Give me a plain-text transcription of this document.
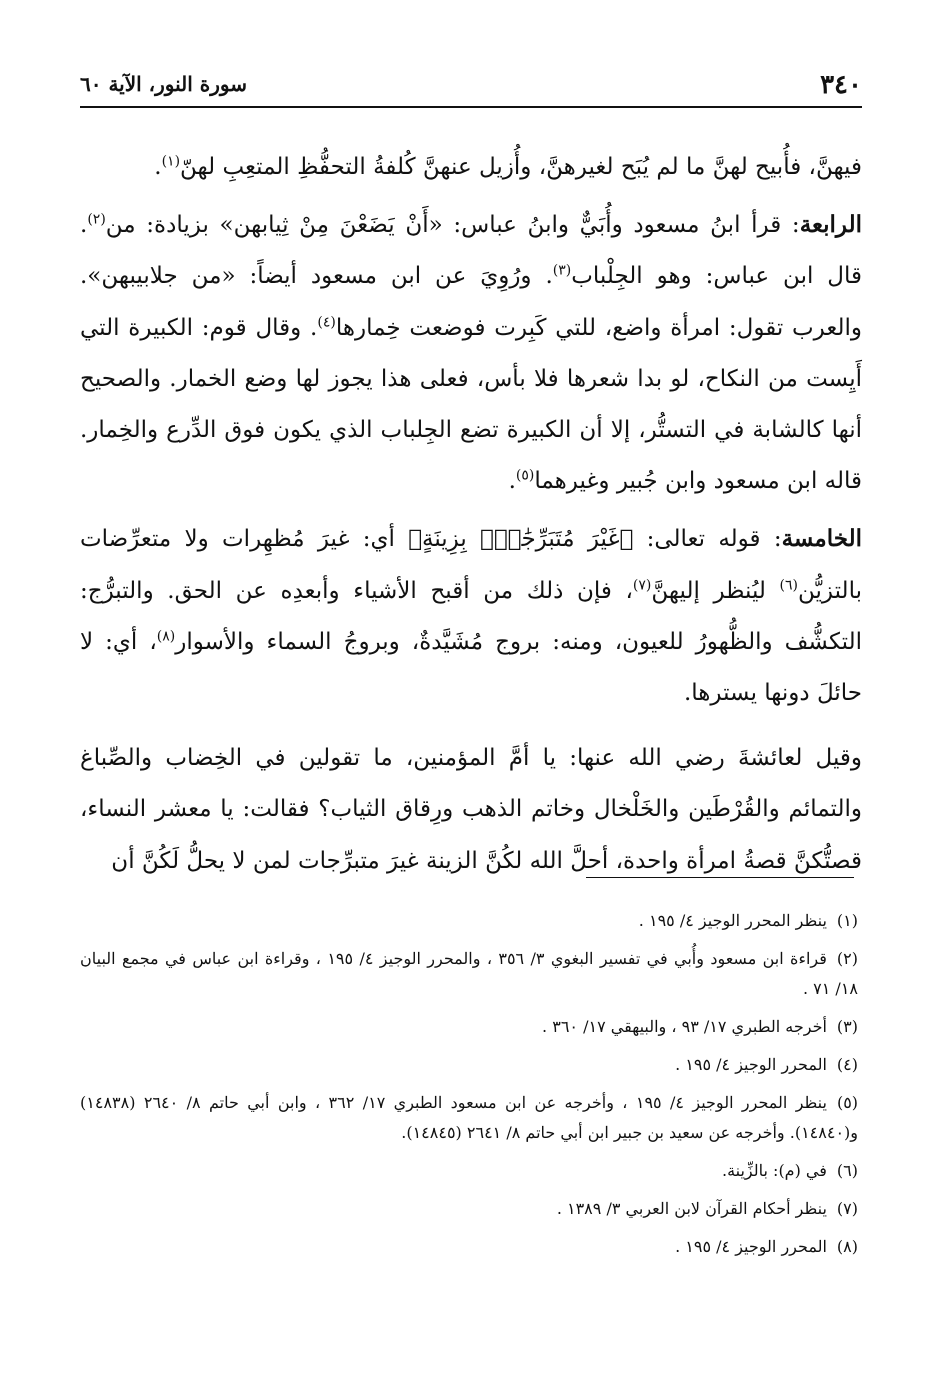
٣٤٠
سورة النور، الآية ٦٠

فيهنَّ، فأُبيح لهنَّ ما لم يُبَح لغيرهنَّ، وأُزيل عنهنَّ كُلفةُ التحفُّظِ المتعِبِ لهنّ$^{(١)}$.

الرابعة: قرأ ابنُ مسعود وأُبَيٌّ وابنُ عباس: «أَنْ يَضَعْنَ مِنْ ثِيابهن» بزيادة: من$^{(٢)}$. قال ابن عباس: وهو الجِلْباب$^{(٣)}$. ورُوِيَ عن ابن مسعود أيضاً: «من جلابيبهن». والعرب تقول: امرأة واضع، للتي كَبِرت فوضعت خِمارها$^{(٤)}$. وقال قوم: الكبيرة التي أَيِست من النكاح، لو بدا شعرها فلا بأس، فعلى هذا يجوز لها وضع الخمار. والصحيح أنها كالشابة في التستُّر، إلا أن الكبيرة تضع الجِلباب الذي يكون فوق الدِّرع والخِمار. قاله ابن مسعود وابن جُبير وغيرهما$^{(٥)}$.

الخامسة: قوله تعالى: ﴿غَيْرَ مُتَبَرِّجَٰتِۭ بِزِينَةٍ﴾ أي: غيرَ مُظهِرات ولا متعرِّضات بالتزيُّن$^{(٦)}$ ليُنظر إليهنَّ$^{(٧)}$، فإن ذلك من أقبح الأشياء وأبعدِه عن الحق. والتبرُّج: التكشُّف والظُّهورُ للعيون، ومنه: بروج مُشَيَّدةٌ، وبروجُ السماء والأسوار$^{(٨)}$، أي: لا حائلَ دونها يسترها.

وقيل لعائشةَ رضي الله عنها: يا أمَّ المؤمنين، ما تقولين في الخِضاب والصِّباغ والتمائم والقُرْطَين والخَلْخال وخاتم الذهب ورِقاق الثياب؟ فقالت: يا معشر النساء، قصتُّكنَّ قصةُ امرأة واحدة، أحلَّ الله لكُنَّ الزينة غيرَ متبرِّجات لمن لا يحلُّ لَكُنَّ أن

(١)ينظر المحرر الوجيز ٤/ ١٩٥ .

(٢)قراءة ابن مسعود وأُبي في تفسير البغوي ٣/ ٣٥٦ ، والمحرر الوجيز ٤/ ١٩٥ ، وقراءة ابن عباس في مجمع البيان ١٨/ ٧١ .

(٣)أخرجه الطبري ١٧/ ٩٣ ، والبيهقي ١٧/ ٣٦٠ .

(٤)المحرر الوجيز ٤/ ١٩٥ .

(٥)ينظر المحرر الوجيز ٤/ ١٩٥ ، وأخرجه عن ابن مسعود الطبري ١٧/ ٣٦٢ ، وابن أبي حاتم ٨/ ٢٦٤٠ (١٤٨٣٨) و(١٤٨٤٠). وأخرجه عن سعيد بن جبير ابن أبي حاتم ٨/ ٢٦٤١ (١٤٨٤٥).

(٦)في (م): بالزِّينة.

(٧)ينظر أحكام القرآن لابن العربي ٣/ ١٣٨٩ .

(٨)المحرر الوجيز ٤/ ١٩٥ .
